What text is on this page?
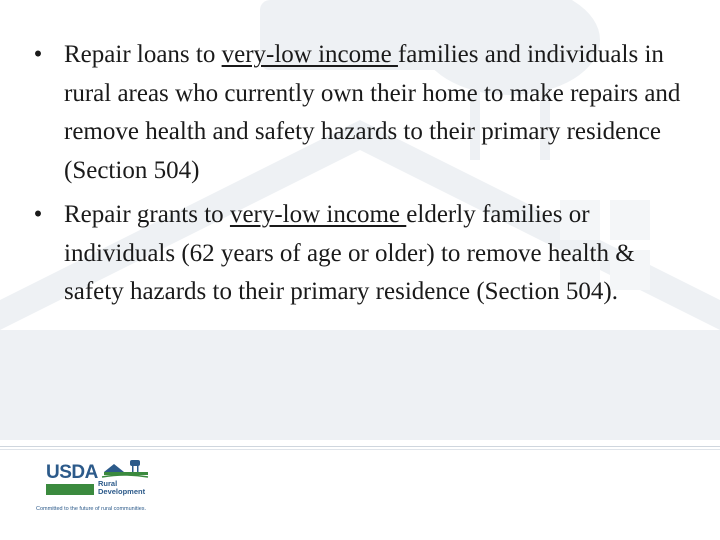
• Repair loans to very-low income families and individuals in rural areas who currently own their home to make repairs and remove health and safety hazards to their primary residence (Section 504)
• Repair grants to very-low income elderly families or individuals (62 years of age or older) to remove health & safety hazards to their primary residence (Section 504).
USDA
Rural
Development
Committed to the future of rural communities.
